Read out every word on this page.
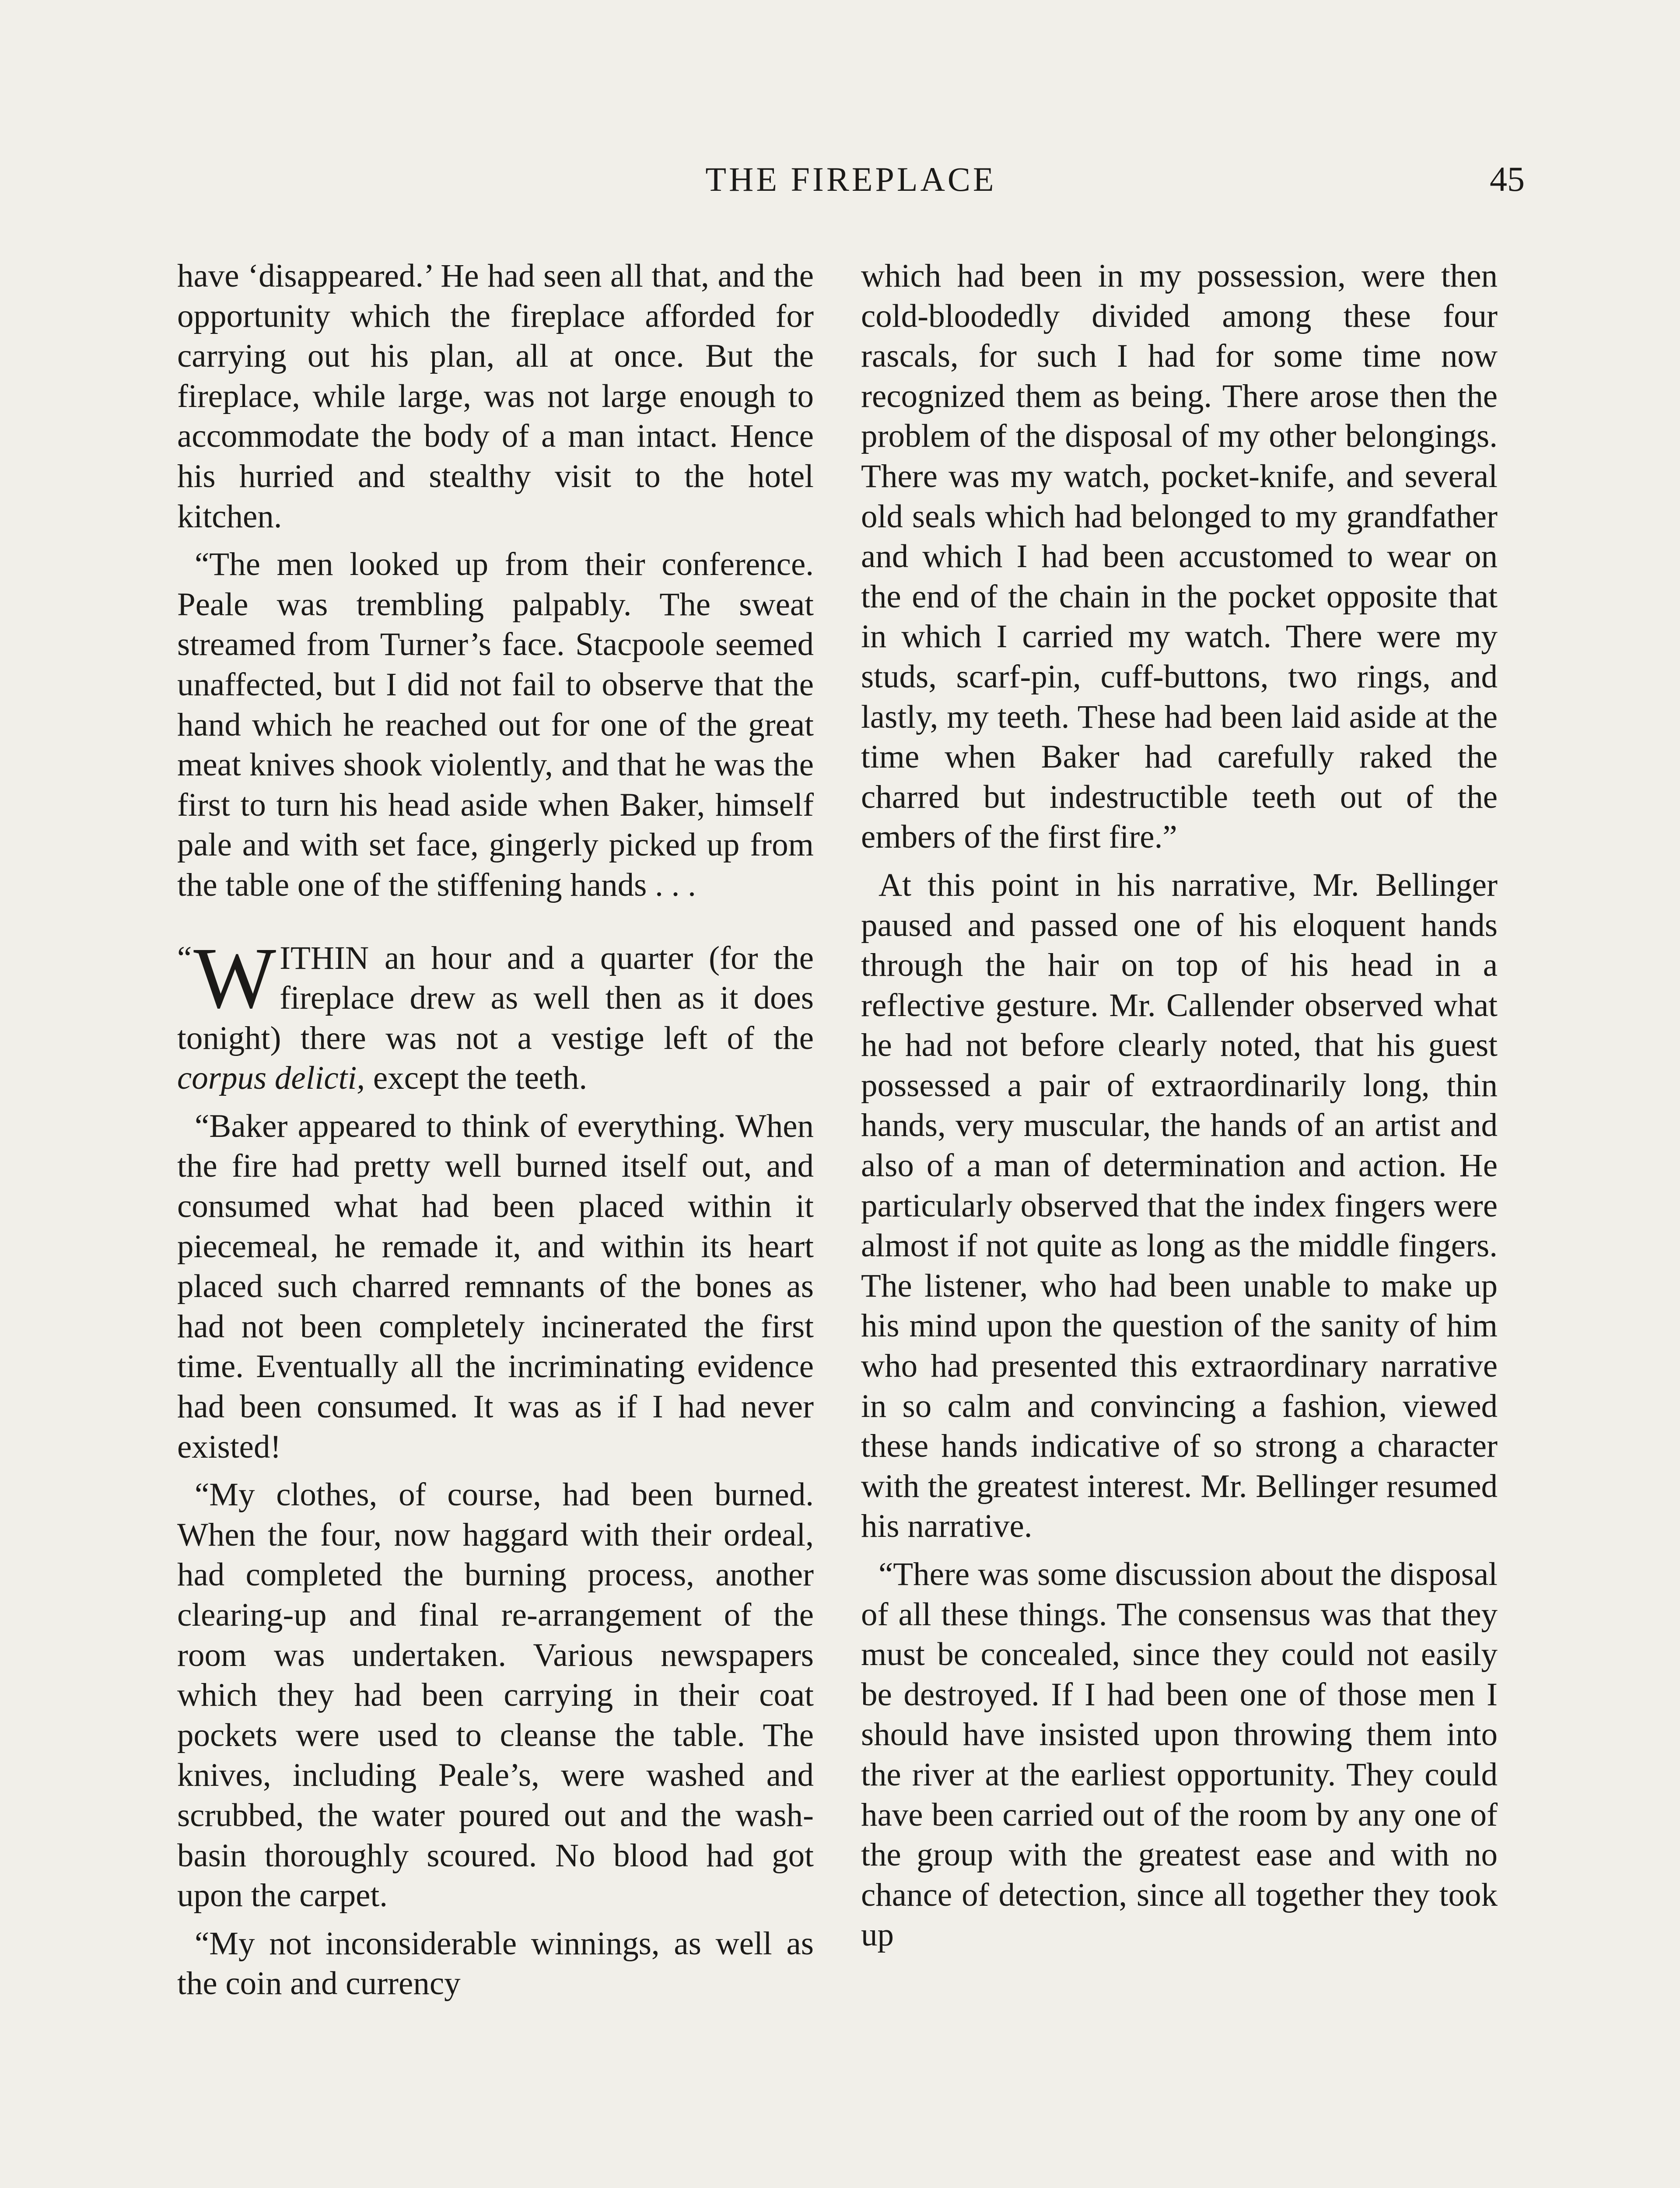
THE FIREPLACE	45

have ‘disappeared.’ He had seen all that, and the opportunity which the fireplace afforded for carrying out his plan, all at once. But the fireplace, while large, was not large enough to accommodate the body of a man intact. Hence his hurried and stealthy visit to the hotel kitchen.

“The men looked up from their conference. Peale was trembling palpably. The sweat streamed from Turner’s face. Stacpoole seemed unaffected, but I did not fail to observe that the hand which he reached out for one of the great meat knives shook violently, and that he was the first to turn his head aside when Baker, himself pale and with set face, gingerly picked up from the table one of the stiffening hands . . .

“ W ITHIN an hour and a quarter (for the fireplace drew as well then as it does tonight) there was not a vestige left of the corpus delicti, except the teeth.

“Baker appeared to think of everything. When the fire had pretty well burned itself out, and consumed what had been placed within it piecemeal, he remade it, and within its heart placed such charred remnants of the bones as had not been completely incinerated the first time. Eventually all the incriminating evidence had been consumed. It was as if I had never existed!

“My clothes, of course, had been burned. When the four, now haggard with their ordeal, had completed the burning process, another clearing-up and final re-arrangement of the room was undertaken. Various newspapers which they had been carrying in their coat pockets were used to cleanse the table. The knives, including Peale’s, were washed and scrubbed, the water poured out and the wash-basin thoroughly scoured. No blood had got upon the carpet.

“My not inconsiderable winnings, as well as the coin and currency

which had been in my possession, were then cold-bloodedly divided among these four rascals, for such I had for some time now recognized them as being. There arose then the problem of the disposal of my other belongings. There was my watch, pocket-knife, and several old seals which had belonged to my grandfather and which I had been accustomed to wear on the end of the chain in the pocket opposite that in which I carried my watch. There were my studs, scarf-pin, cuff-buttons, two rings, and lastly, my teeth. These had been laid aside at the time when Baker had carefully raked the charred but indestructible teeth out of the embers of the first fire.”

At this point in his narrative, Mr. Bellinger paused and passed one of his eloquent hands through the hair on top of his head in a reflective gesture. Mr. Callender observed what he had not before clearly noted, that his guest possessed a pair of extraordinarily long, thin hands, very muscular, the hands of an artist and also of a man of determination and action. He particularly observed that the index fingers were almost if not quite as long as the middle fingers. The listener, who had been unable to make up his mind upon the question of the sanity of him who had presented this extraordinary narrative in so calm and convincing a fashion, viewed these hands indicative of so strong a character with the greatest interest. Mr. Bellinger resumed his narrative.

“There was some discussion about the disposal of all these things. The consensus was that they must be concealed, since they could not easily be destroyed. If I had been one of those men I should have insisted upon throwing them into the river at the earliest opportunity. They could have been carried out of the room by any one of the group with the greatest ease and with no chance of detection, since all together they took up
